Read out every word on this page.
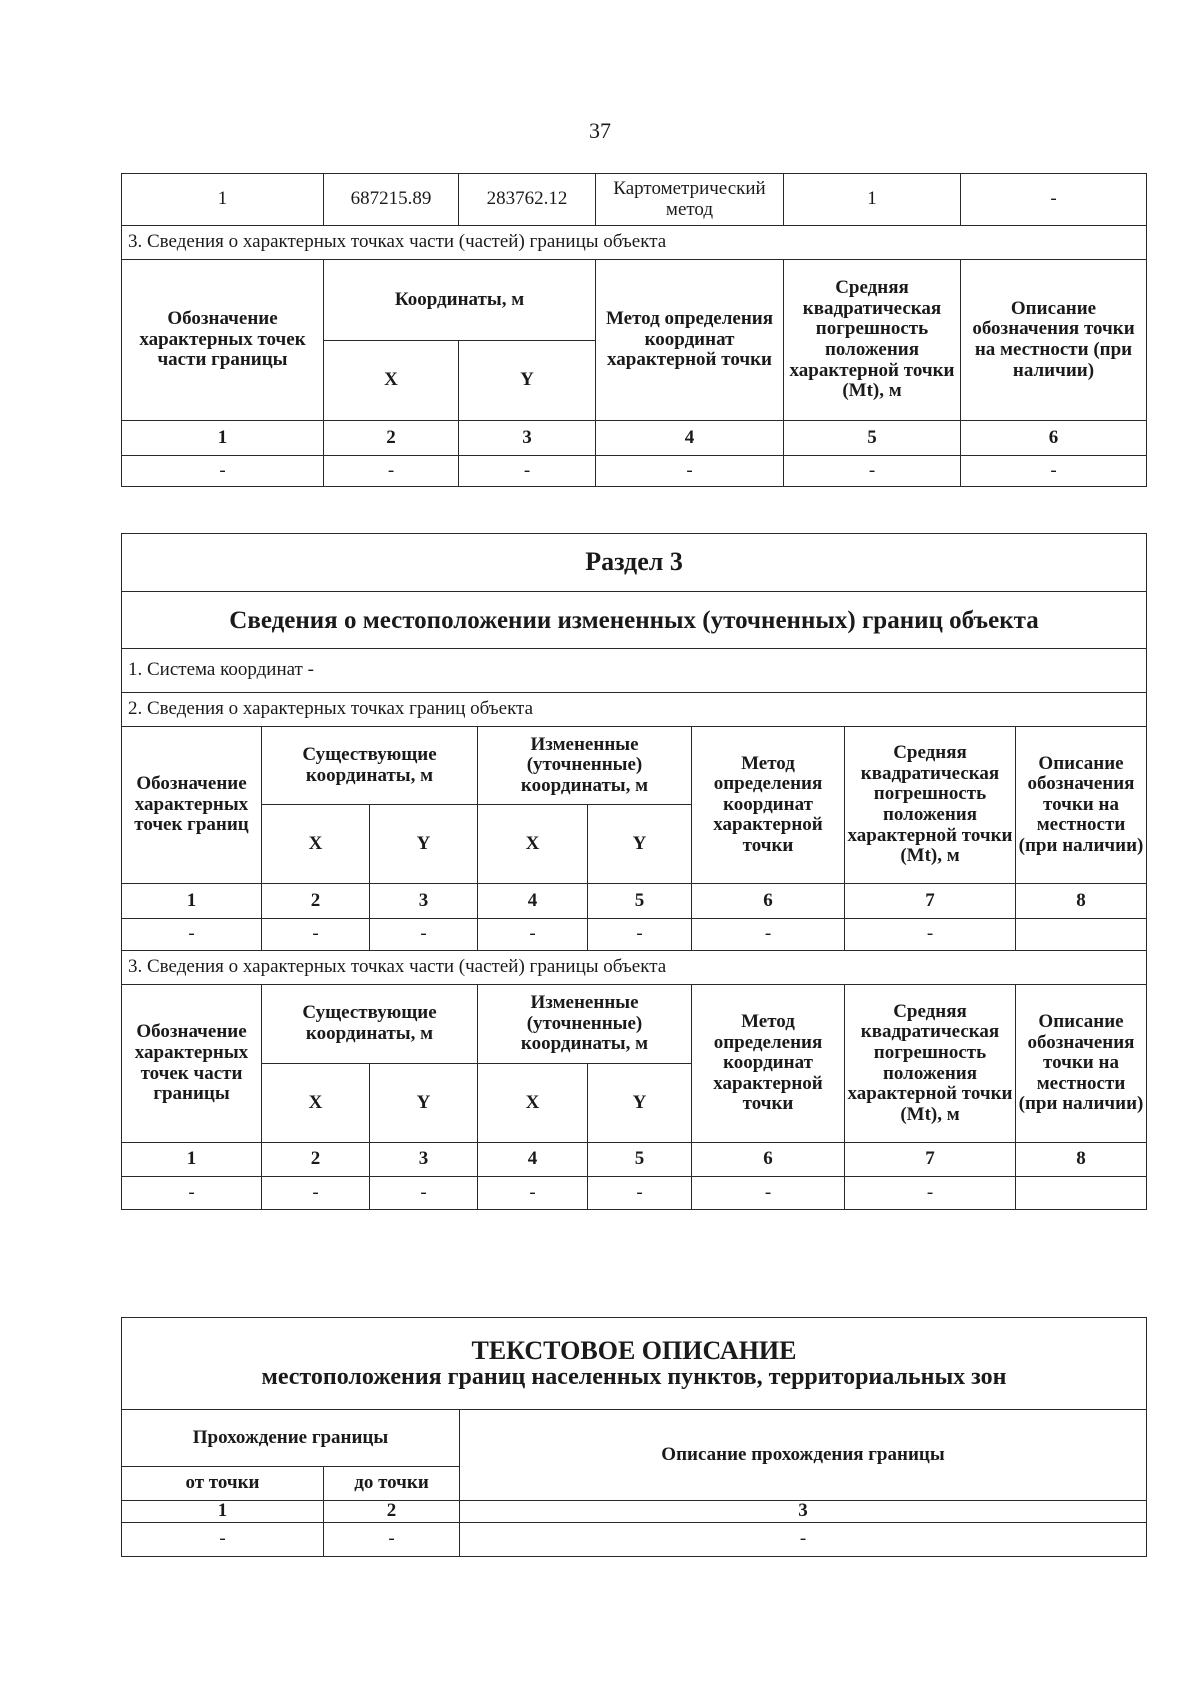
37
1	687215.89	283762.12	Картометрический метод	1	-
3. Сведения о характерных точках части (частей) границы объекта					
Обозначение характерных точек части границы	Координаты, м		Метод определения координат характерной точки	Средняя квадратическая погрешность положения характерной точки (Mt), м	Описание обозначения точки на местности (при наличии)
	X	Y			
1	2	3	4	5	6
-	-	-	-	-	-
Раздел 3							
Сведения о местоположении измененных (уточненных) границ объекта							
1. Система координат -							
2. Сведения о характерных точках границ объекта							
Обозначение характерных точек границ	Существующие координаты, м		Измененные (уточненные) координаты, м		Метод определения координат характерной точки	Средняя квадратическая погрешность положения характерной точки (Mt), м	Описание обозначения точки на местности (при наличии)
	X	Y	X	Y			
1	2	3	4	5	6	7	8
-	-	-	-	-	-	-	
3. Сведения о характерных точках части (частей) границы объекта							
Обозначение характерных точек части границы	Существующие координаты, м		Измененные (уточненные) координаты, м		Метод определения координат характерной точки	Средняя квадратическая погрешность положения характерной точки (Mt), м	Описание обозначения точки на местности (при наличии)
	X	Y	X	Y			
1	2	3	4	5	6	7	8
-	-	-	-	-	-	-	
ТЕКСТОВОЕ ОПИСАНИЕ
местоположения границ населенных пунктов, территориальных зон		

Прохождение границы		Описание прохождения границы
от точки	до точки	
1	2	3
-	-	-
